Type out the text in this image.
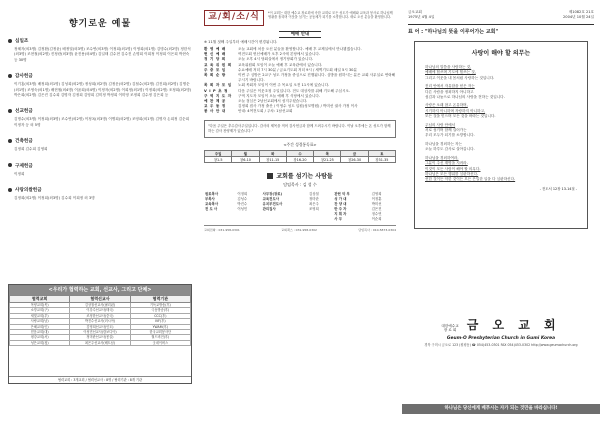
향기로운 예물
십일조
정혜자(외3명) 김정환(김정윤) 배정열(외3명) 조수연(외3명) 이정희(외1명) 이영희(외1명) 김명수(외2명) 정한석(외3명) 조현철(외2명) 진정란(외3명) 윤진용(외4명) 김일태 김수현 김수진 손명희 이희정 이정희 이은희 박현숙 등 30명
감사헌금
이기홍(외3명) 배정희(외1명) 김성희(외2명) 정성희(외2명) 김정운(외2명) 김철수(외2명) 김진희(외2명) 김명순(외1명) 조영숙(외1명) 배현철(외4명) 이윤희(외4명) 이정자(외2명) 이희정(외1명) 이정희(외2명) 조정희(외2명) 박은희(외2명) 김은진 김수희 김명자 김정희 김영희 김미정 박정희 이미영 조정희 김수정 김은희 등
선교헌금
김명수(외3명) 이정희(외3명) 조수연(외2명) 이정옥(외3명) 이병희(외2명) 조영희(외1명) 김명자 손희정 김순희 이정자 등 외 5명
건축헌금
김정희 김수희 김영희
구제헌금
이정희
사랑의쌀헌금
김정희(외2명) 이정희(외3명) 김수희 이희정 외 3명
<우리가 협력하는 교회, 선교사, 그리고 단체>
협력교회	협력선교사	협력기관
목양교회(목)	김상철선교사(필리핀)	기독교방송(후)
소망교회(구)	이강수선교사(태국)	극동방송(후)
새빛교회(부)	조정한선교사(중국)	CCC(후)
사랑교회(남)	박진수선교사(러시아)	IVF(후)
은혜교회(인)	김영희선교사(인도)	YWAM(후)
믿음교회(대)	이성민선교사(캄보디아)	한국교회봉사단
평강교회(서)	정미란선교사(몽골)	월드비전(후)
성은교회(청)	최은주선교사(베트남)	굿네이버스
협력교회 : 3개교회 / 협력선교사 : 8명 / 협력기관 : 8개 기관
교/회/소/식	*이 교회는 대한 예수교 장로회에 속한 교회로 모든 성도가 예배와 교육과 봉사로 하나님께 영광을 돌리며 이웃을 섬기는 공동체가 되기를 소망합니다. 새로 오신 분들을 환영합니다.
예배 안내
※ 11월 첫째 주일부터 예배시간이 변경됩니다.
환 영 예 배	오늘 교회에 처음 오신 분들을 환영합니다. 예배 후 교제실에서 만나뵙겠습니다.
헌 신 예 배	여전도회 헌신예배가 오후 2시에 본당에서 있습니다.
정 기 당 회	오늘 오후 4시 당회실에서 정기당회가 있습니다.
교 육 위 원 회	교육위원회 모임이 오늘 예배 후 교육관에서 있습니다.
주 중 모 임	수요예배 저녁 7시 30분 / 금요기도회 저녁 9시 / 새벽기도회 매일 5시 30분
목 회 순 방	이번 주 심방은 2교구 성도 가정을 중심으로 진행됩니다. 심방을 원하시는 분은 교회 사무실로 연락해 주시기 바랍니다.
목 회 자 모 임	노회 목회자 모임이 이번 주 목요일 오전 11시에 있습니다.
V I P 초 청	다음 주일은 이웃초청 주일입니다. 전도 대상자를 위해 기도해 주십시오.
구 역 지 도 자	구역 지도자 모임이 오늘 예배 후 식당에서 있습니다.
예 찬 제 공	오늘 점심은 2남선교회에서 섬겨주셨습니다.
교 우 동 정	김정희 집사 가정 출산 / 이영수 성도 입원(성모병원) / 박미선 권사 가정 이사
봉 사 안 내	안내: 4여전도회 / 주차: 1남선교회
"다음 주일은 추수감사주일입니다. 감사의 제목을 적어 감사헌금과 함께 드려주시기 바랍니다. 이날 오후에는 온 성도가 함께하는 감사 찬양제가 있습니다."
<주간 성경통독표>
주일	월	화	수	목	금	토
창1-5	창6-10	창11-15	창16-20	창21-25	창26-30	창31-35
교회를 섬기는 사람들
담임목사 : 김 성 수
원로목사	이정희	사무장(장로)	김상철	관현 악 부	김영희
부목사	김성수	교육전도사	정미란	성 가 대	이정훈
교육목사	박진수	유치부전도사	최은주	찬 양 대	박미선
전 도 사	이성민	관리집사	조영희	반 주 자	김은진
				지 휘 자	정수연
				사 무	이순희
교회전화 : 031-958-0301	교회팩스 : 031-958-0302	담임목사 : 010-5873-0304
금오교회
1975년 4월 4일
제1082호 21호
2004년 10월 24일
표 어 : "하나님의 뜻을 이루어가는 교회"
사랑이 해야 할 의무는
하나님의 말씀을 사랑하는 것,
예배에 힘쓰며 기도에 힘쓰는 것,
그리고 이웃을 내 몸처럼 사랑하는 것입니다.
진리 안에서 자유함을 얻은 자는
다른 사람을 정죄하지 아니하고
섬김과 나눔으로 하나님의 사랑을 전하는 것입니다.
사랑은 오래 참고 온유하며,
시기하지 아니하며 자랑하지 아니하고,
모든 것을 믿으며 모든 것을 바라는 것입니다.
주님의 사랑 안에서
서로 섬기며 함께 걸어가는
우리 모두가 되기를 소망합니다.
하나님을 경외하는 자는
오늘 하루도 감사로 살아갑니다.
하나님을 경외하여라,
그분이 주신 계명을 지켜라.
이것이 모든 사람이 해야 할 의무다.
하나님은 모든 행위를 심판하신다.
선한 것이든 악한 것이든 모든 은밀한 일을 다 심판하신다.
- 전도서 12장 13-14절 -
대한예수교
장 로 회 금 오 교 회
Geum-O Presbyterian Church in Gumi Korea
경북 구미시 금오로 123 (원평동) ☎ 054)453-0301 FAX 054)453-0302 http://www.geumochurch.org
하나님은 당신에게 베푸시는 자가 되는 것만을 바라십니다!
